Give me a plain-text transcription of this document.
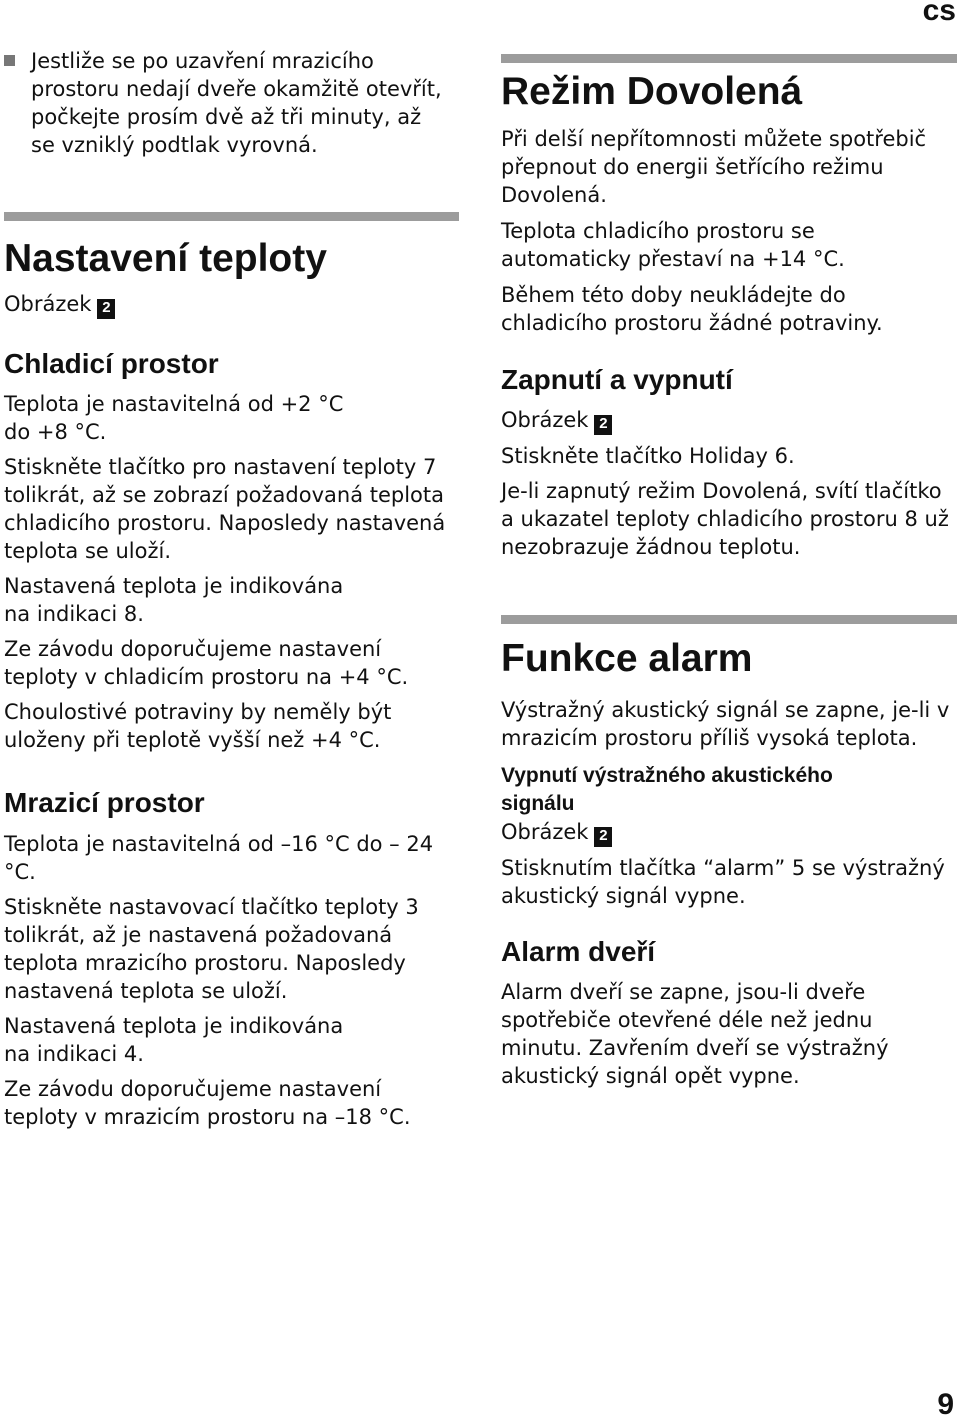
cs

Jestliže se po uzavření mrazicího prostoru nedají dveře okamžitě otevřít, počkejte prosím dvě až tři minuty, až se vzniklý podtlak vyrovná.

Nastavení teploty

Obrázek 2

Chladicí prostor

Teplota je nastavitelná od +2 °C do +8 °C.

Stiskněte tlačítko pro nastavení teploty 7 tolikrát, až se zobrazí požadovaná teplota chladicího prostoru. Naposledy nastavená teplota se uloží.

Nastavená teplota je indikována na indikaci 8.

Ze závodu doporučujeme nastavení teploty v chladicím prostoru na +4 °C.

Choulostivé potraviny by neměly být uloženy při teplotě vyšší než +4 °C.

Mrazicí prostor

Teplota je nastavitelná od –16 °C do – 24 °C.

Stiskněte nastavovací tlačítko teploty 3 tolikrát, až je nastavená požadovaná teplota mrazicího prostoru. Naposledy nastavená teplota se uloží.

Nastavená teplota je indikována na indikaci 4.

Ze závodu doporučujeme nastavení teploty v mrazicím prostoru na –18 °C.

Režim Dovolená

Při delší nepřítomnosti můžete spotřebič přepnout do energii šetřícího režimu Dovolená.

Teplota chladicího prostoru se automaticky přestaví na +14 °C.

Během této doby neukládejte do chladicího prostoru žádné potraviny.

Zapnutí a vypnutí

Obrázek 2

Stiskněte tlačítko Holiday 6.

Je-li zapnutý režim Dovolená, svítí tlačítko a ukazatel teploty chladicího prostoru 8 už nezobrazuje žádnou teplotu.

Funkce alarm

Výstražný akustický signál se zapne, je-li v mrazicím prostoru příliš vysoká teplota.

Vypnutí výstražného akustického signálu

Obrázek 2

Stisknutím tlačítka “alarm” 5 se výstražný akustický signál vypne.

Alarm dveří

Alarm dveří se zapne, jsou-li dveře spotřebiče otevřené déle než jednu minutu. Zavřením dveří se výstražný akustický signál opět vypne.

9
